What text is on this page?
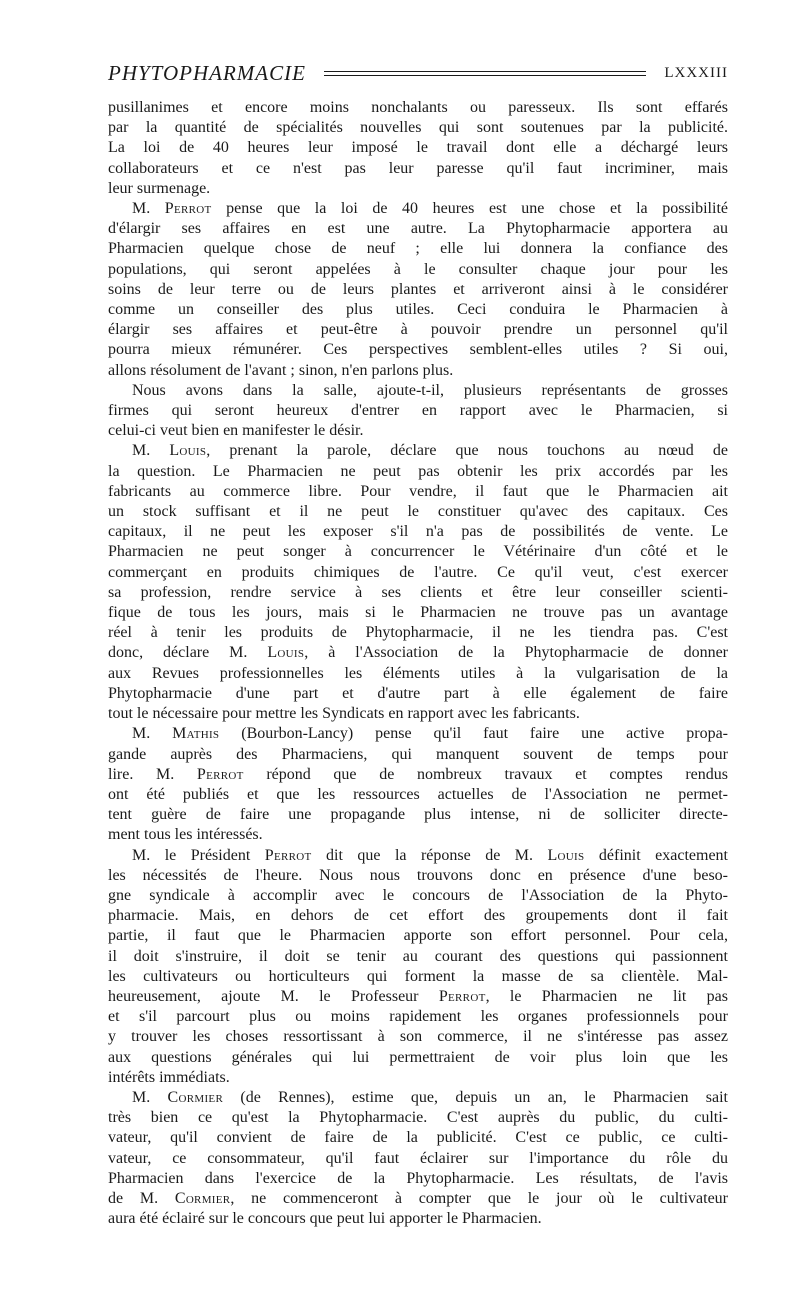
PHYTOPHARMACIE	LXXXIII

pusillanimes et encore moins nonchalants ou paresseux. Ils sont effarés

par la quantité de spécialités nouvelles qui sont soutenues par la publicité.

La loi de 40 heures leur imposé le travail dont elle a déchargé leurs

collaborateurs et ce n'est pas leur paresse qu'il faut incriminer, mais

leur surmenage.

M. Perrot pense que la loi de 40 heures est une chose et la possibilité

d'élargir ses affaires en est une autre. La Phytopharmacie apportera au

Pharmacien quelque chose de neuf ; elle lui donnera la confiance des

populations, qui seront appelées à le consulter chaque jour pour les

soins de leur terre ou de leurs plantes et arriveront ainsi à le considérer

comme un conseiller des plus utiles. Ceci conduira le Pharmacien à

élargir ses affaires et peut-être à pouvoir prendre un personnel qu'il

pourra mieux rémunérer. Ces perspectives semblent-elles utiles ? Si oui,

allons résolument de l'avant ; sinon, n'en parlons plus.

Nous avons dans la salle, ajoute-t-il, plusieurs représentants de grosses

firmes qui seront heureux d'entrer en rapport avec le Pharmacien, si

celui-ci veut bien en manifester le désir.

M. Louis, prenant la parole, déclare que nous touchons au nœud de

la question. Le Pharmacien ne peut pas obtenir les prix accordés par les

fabricants au commerce libre. Pour vendre, il faut que le Pharmacien ait

un stock suffisant et il ne peut le constituer qu'avec des capitaux. Ces

capitaux, il ne peut les exposer s'il n'a pas de possibilités de vente. Le

Pharmacien ne peut songer à concurrencer le Vétérinaire d'un côté et le

commerçant en produits chimiques de l'autre. Ce qu'il veut, c'est exercer

sa profession, rendre service à ses clients et être leur conseiller scienti-

fique de tous les jours, mais si le Pharmacien ne trouve pas un avantage

réel à tenir les produits de Phytopharmacie, il ne les tiendra pas. C'est

donc, déclare M. Louis, à l'Association de la Phytopharmacie de donner

aux Revues professionnelles les éléments utiles à la vulgarisation de la

Phytopharmacie d'une part et d'autre part à elle également de faire

tout le nécessaire pour mettre les Syndicats en rapport avec les fabricants.

M. Mathis (Bourbon-Lancy) pense qu'il faut faire une active propa-

gande auprès des Pharmaciens, qui manquent souvent de temps pour

lire. M. Perrot répond que de nombreux travaux et comptes rendus

ont été publiés et que les ressources actuelles de l'Association ne permet-

tent guère de faire une propagande plus intense, ni de solliciter directe-

ment tous les intéressés.

M. le Président Perrot dit que la réponse de M. Louis définit exactement

les nécessités de l'heure. Nous nous trouvons donc en présence d'une beso-

gne syndicale à accomplir avec le concours de l'Association de la Phyto-

pharmacie. Mais, en dehors de cet effort des groupements dont il fait

partie, il faut que le Pharmacien apporte son effort personnel. Pour cela,

il doit s'instruire, il doit se tenir au courant des questions qui passionnent

les cultivateurs ou horticulteurs qui forment la masse de sa clientèle. Mal-

heureusement, ajoute M. le Professeur Perrot, le Pharmacien ne lit pas

et s'il parcourt plus ou moins rapidement les organes professionnels pour

y trouver les choses ressortissant à son commerce, il ne s'intéresse pas assez

aux questions générales qui lui permettraient de voir plus loin que les

intérêts immédiats.

M. Cormier (de Rennes), estime que, depuis un an, le Pharmacien sait

très bien ce qu'est la Phytopharmacie. C'est auprès du public, du culti-

vateur, qu'il convient de faire de la publicité. C'est ce public, ce culti-

vateur, ce consommateur, qu'il faut éclairer sur l'importance du rôle du

Pharmacien dans l'exercice de la Phytopharmacie. Les résultats, de l'avis

de M. Cormier, ne commenceront à compter que le jour où le cultivateur

aura été éclairé sur le concours que peut lui apporter le Pharmacien.
